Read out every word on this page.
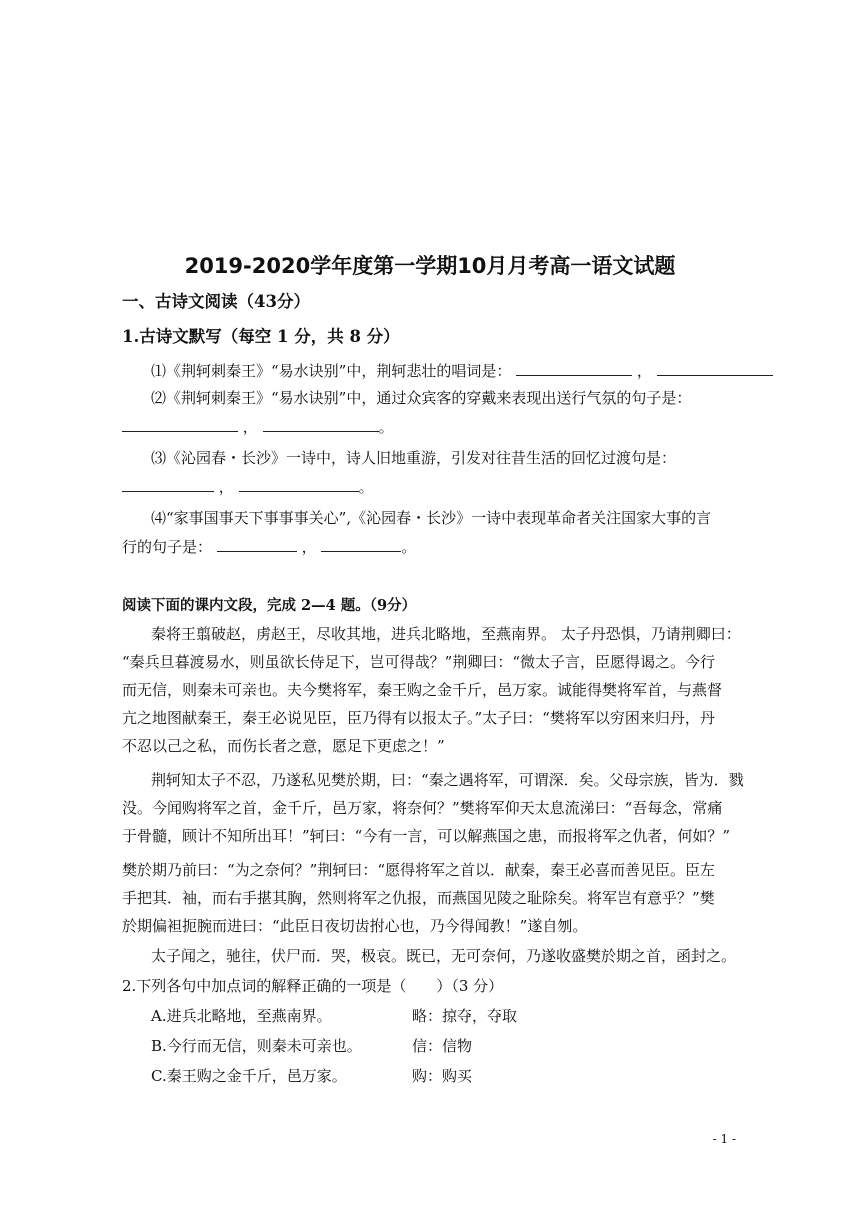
2019-2020学年度第一学期10月月考高一语文试题
一、古诗文阅读（43分）
1.古诗文默写（每空 1 分，共 8 分）
⑴《荆轲刺秦王》“易水诀别”中，荆轲悲壮的唱词是：	，
⑵《荆轲刺秦王》“易水诀别”中，通过众宾客的穿戴来表现出送行气氛的句子是：
，	。
⑶《沁园春・长沙》一诗中，诗人旧地重游，引发对往昔生活的回忆过渡句是：
，	。
⑷“家事国事天下事事事关心”,《沁园春・长沙》一诗中表现革命者关注国家大事的言
行的句子是：	，	。
阅读下面的课内文段，完成 2—4 题。（9分）
秦将王翦破赵，虏赵王，尽收其地，进兵北略地，至燕南界。 太子丹恐惧，乃请荆卿曰：
“秦兵旦暮渡易水，则虽欲长侍足下，岂可得哉？”荆卿曰：“微太子言，臣愿得谒之。今行
而无信，则秦未可亲也。夫今樊将军，秦王购之金千斤，邑万家。诚能得樊将军首，与燕督
亢之地图献秦王，秦王必说见臣，臣乃得有以报太子。”太子曰：“樊将军以穷困来归丹，丹
不忍以己之私，而伤长者之意，愿足下更虑之！”
荆轲知太子不忍，乃遂私见樊於期，曰：“秦之遇将军，可谓深．矣。父母宗族，皆为．戮
没。今闻购将军之首，金千斤，邑万家，将奈何？”樊将军仰天太息流涕曰：“吾每念，常痛
于骨髓，顾计不知所出耳！”轲曰：“今有一言，可以解燕国之患，而报将军之仇者，何如？”
樊於期乃前曰：“为之奈何？”荆轲曰：“愿得将军之首以．献秦，秦王必喜而善见臣。臣左
手把其．袖，而右手揕其胸，然则将军之仇报，而燕国见陵之耻除矣。将军岂有意乎？”樊
於期偏袒扼腕而进曰：“此臣日夜切齿拊心也，乃今得闻教！”遂自刎。
太子闻之，驰往，伏尸而．哭，极哀。既已，无可奈何，乃遂收盛樊於期之首，函封之。
2.下列各句中加点词的解释正确的一项是（　　）（3 分）
A.进兵北略地，至燕南界。	略：掠夺，夺取
B.今行而无信，则秦未可亲也。	信：信物
C.秦王购之金千斤，邑万家。	购：购买
- 1 -
